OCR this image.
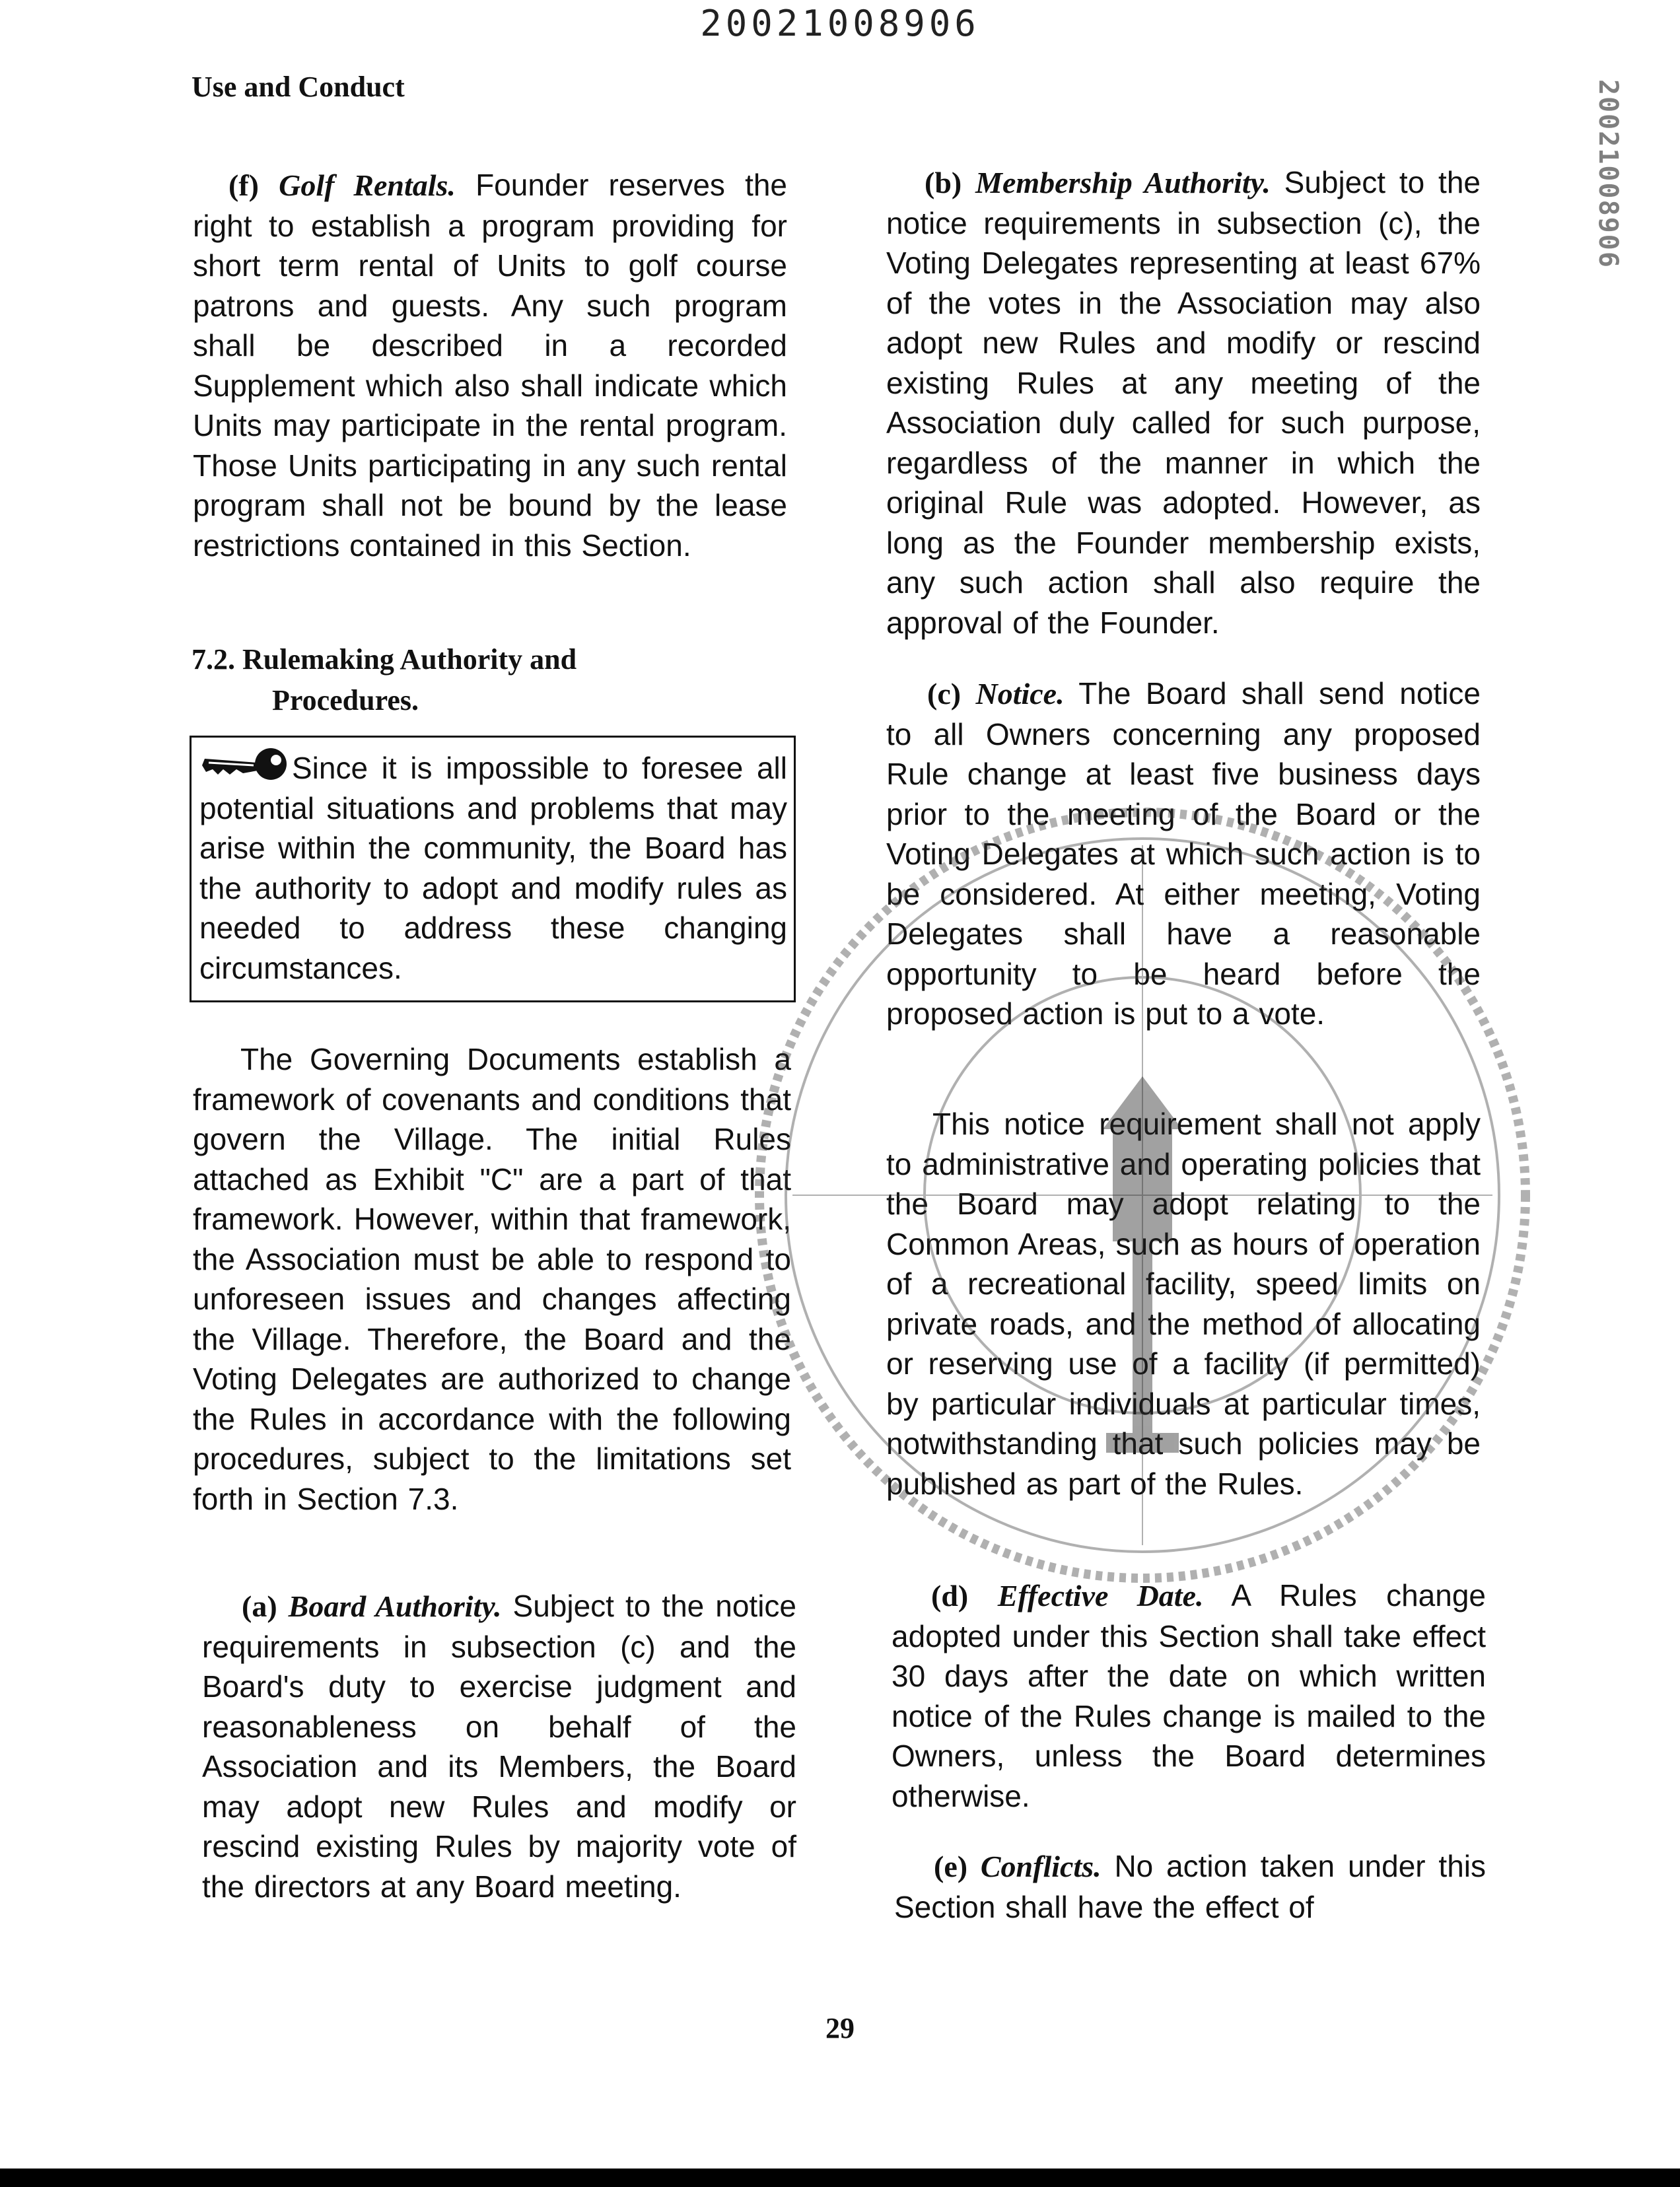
20021008906
Use and Conduct	20021008906

(f) Golf Rentals. Founder reserves the right to establish a program providing for short term rental of Units to golf course patrons and guests. Any such program shall be described in a recorded Supplement which also shall indicate which Units may participate in the rental program. Those Units participating in any such rental program shall not be bound by the lease restrictions contained in this Section.

7.2. Rulemaking Authority and
Procedures.
Since it is impossible to foresee all potential situations and problems that may arise within the community, the Board has the authority to adopt and modify rules as needed to address these changing circumstances.

The Governing Documents establish a framework of covenants and conditions that govern the Village. The initial Rules attached as Exhibit "C" are a part of that framework. However, within that framework, the Association must be able to respond to unforeseen issues and changes affecting the Village. Therefore, the Board and the Voting Delegates are authorized to change the Rules in accordance with the following procedures, subject to the limitations set forth in Section 7.3.

(a) Board Authority. Subject to the notice requirements in subsection (c) and the Board's duty to exercise judgment and reasonableness on behalf of the Association and its Members, the Board may adopt new Rules and modify or rescind existing Rules by majority vote of the directors at any Board meeting.

(b) Membership Authority. Subject to the notice requirements in subsection (c), the Voting Delegates representing at least 67% of the votes in the Association may also adopt new Rules and modify or rescind existing Rules at any meeting of the Association duly called for such purpose, regardless of the manner in which the original Rule was adopted. However, as long as the Founder membership exists, any such action shall also require the approval of the Founder.

(c) Notice. The Board shall send notice to all Owners concerning any proposed Rule change at least five business days prior to the meeting of the Board or the Voting Delegates at which such action is to be considered. At either meeting, Voting Delegates shall have a reasonable opportunity to be heard before the proposed action is put to a vote.

This notice requirement shall not apply to administrative and operating policies that the Board may adopt relating to the Common Areas, such as hours of operation of a recreational facility, speed limits on private roads, and the method of allocating or reserving use of a facility (if permitted) by particular individuals at particular times, notwithstanding that such policies may be published as part of the Rules.

(d) Effective Date. A Rules change adopted under this Section shall take effect 30 days after the date on which written notice of the Rules change is mailed to the Owners, unless the Board determines otherwise.

(e) Conflicts. No action taken under this Section shall have the effect of

29
